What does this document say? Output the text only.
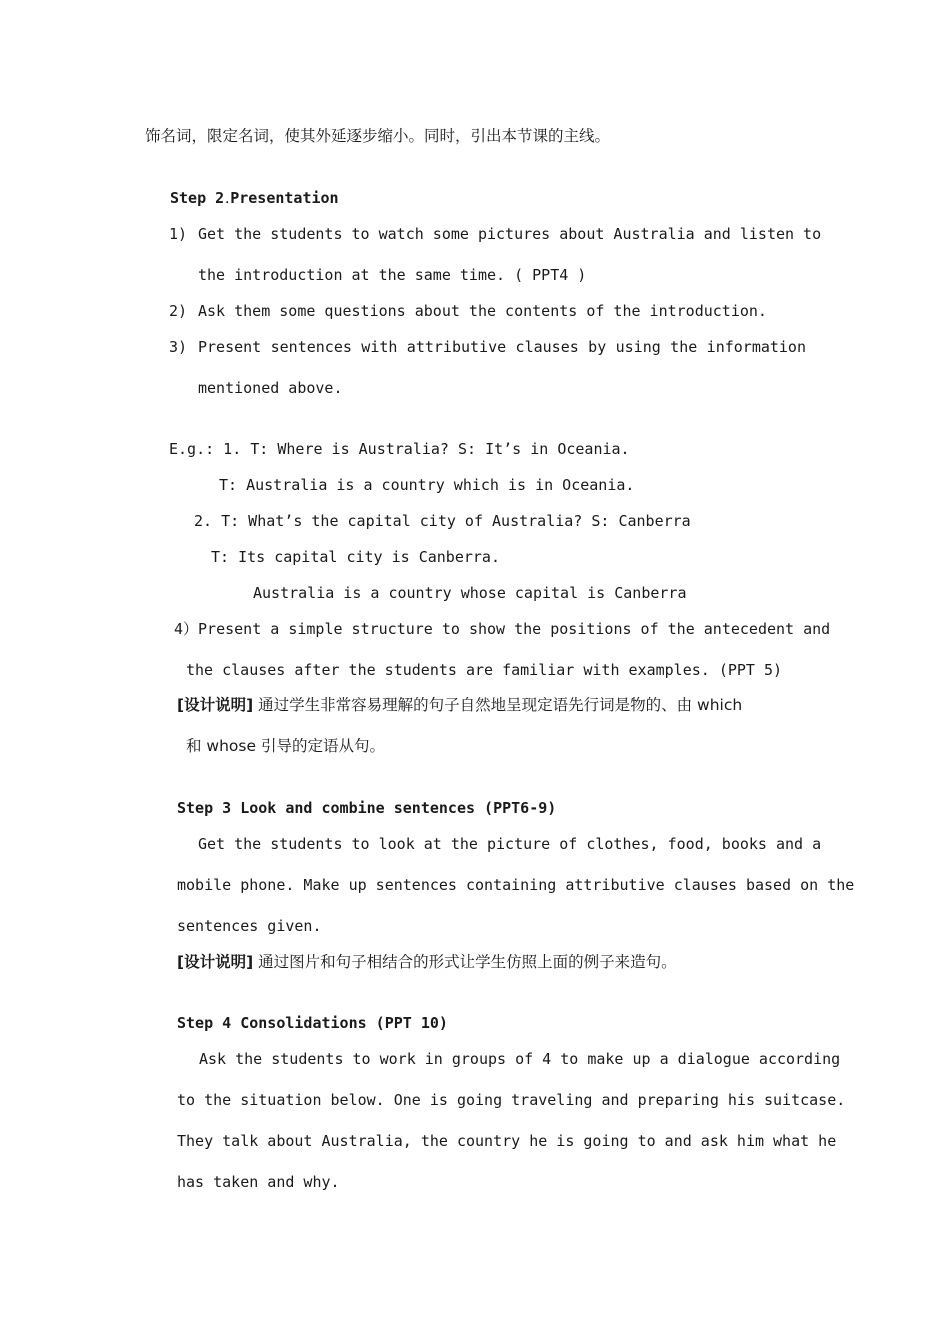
饰名词，限定名词，使其外延逐步缩小。同时，引出本节课的主线。
Step 2.Presentation
1) Get the students to watch some pictures about Australia and listen to
the introduction at the same time. ( PPT4 )
2) Ask them some questions about the contents of the introduction.
3) Present sentences with attributive clauses by using the information
mentioned above.
E.g.: 1. T: Where is Australia? S: It’s in Oceania.
T: Australia is a country which is in Oceania.
2. T: What’s the capital city of Australia? S: Canberra
T: Its capital city is Canberra.
Australia is a country whose capital is Canberra
4）Present a simple structure to show the positions of the antecedent and
the clauses after the students are familiar with examples. (PPT 5)
[设计说明] 通过学生非常容易理解的句子自然地呈现定语先行词是物的、由 which
和 whose 引导的定语从句。
Step 3 Look and combine sentences (PPT6-9)
Get the students to look at the picture of clothes, food, books and a
mobile phone. Make up sentences containing attributive clauses based on the
sentences given.
[设计说明] 通过图片和句子相结合的形式让学生仿照上面的例子来造句。
Step 4 Consolidations (PPT 10)
Ask the students to work in groups of 4 to make up a dialogue according
to the situation below. One is going traveling and preparing his suitcase.
They talk about Australia, the country he is going to and ask him what he
has taken and why.
